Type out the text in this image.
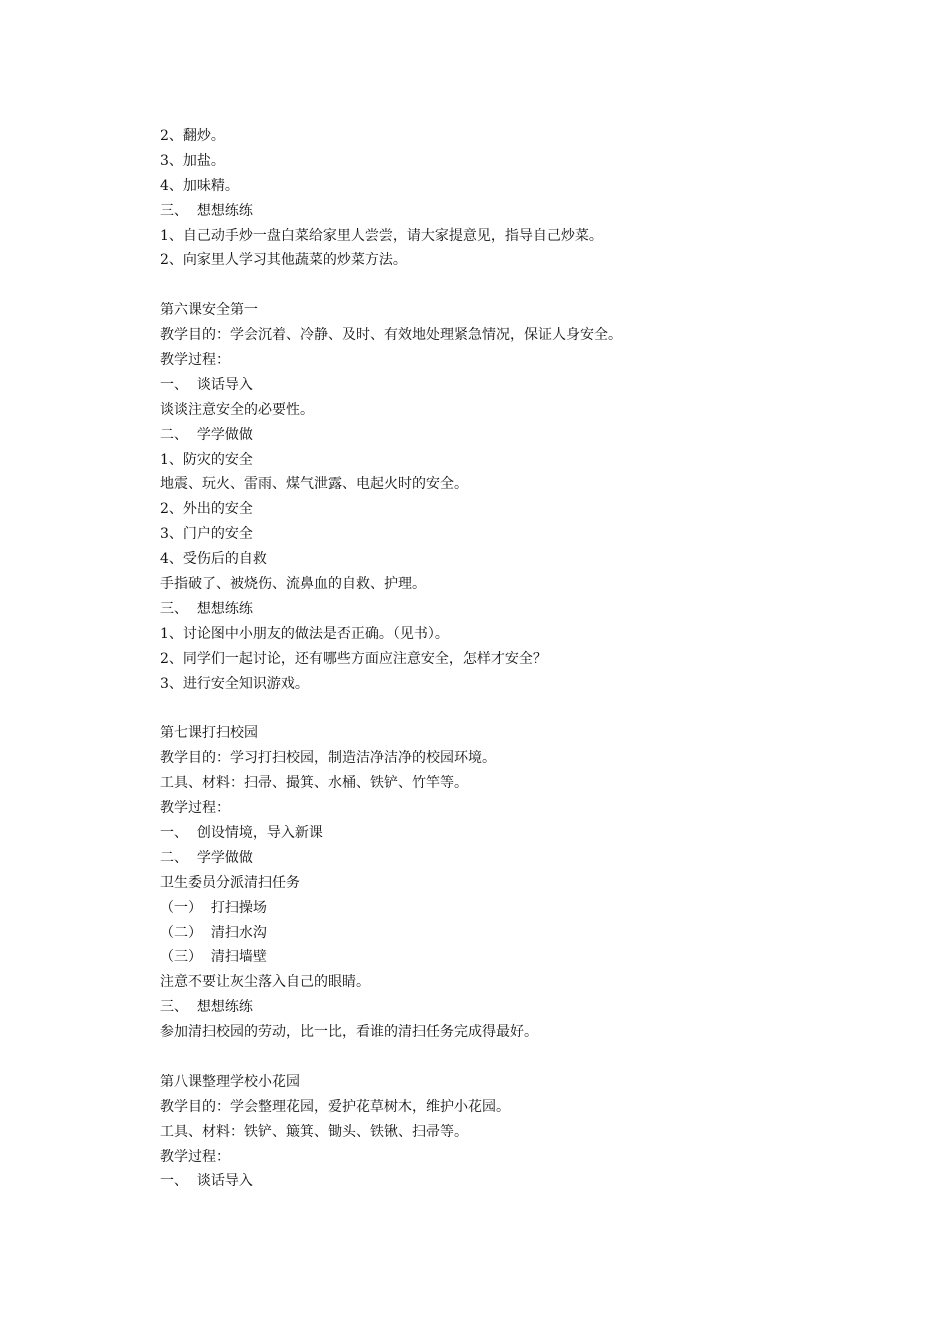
2、翻炒。
3、加盐。
4、加味精。
三、  想想练练
1、自己动手炒一盘白菜给家里人尝尝，请大家提意见，指导自己炒菜。
2、向家里人学习其他蔬菜的炒菜方法。
第六课安全第一
教学目的：学会沉着、冷静、及时、有效地处理紧急情况，保证人身安全。
教学过程：
一、  谈话导入
谈谈注意安全的必要性。
二、  学学做做
1、防灾的安全
地震、玩火、雷雨、煤气泄露、电起火时的安全。
2、外出的安全
3、门户的安全
4、受伤后的自救
手指破了、被烧伤、流鼻血的自救、护理。
三、  想想练练
1、讨论图中小朋友的做法是否正确。（见书）。
2、同学们一起讨论，还有哪些方面应注意安全，怎样才安全？
3、进行安全知识游戏。
第七课打扫校园
教学目的：学习打扫校园，制造洁净洁净的校园环境。
工具、材料：扫帚、撮箕、水桶、铁铲、竹竿等。
教学过程：
一、  创设情境，导入新课
二、  学学做做
卫生委员分派清扫任务
（一）  打扫操场
（二）  清扫水沟
（三）  清扫墙壁
注意不要让灰尘落入自己的眼睛。
三、  想想练练
参加清扫校园的劳动，比一比，看谁的清扫任务完成得最好。
第八课整理学校小花园
教学目的：学会整理花园，爱护花草树木，维护小花园。
工具、材料：铁铲、簸箕、锄头、铁锹、扫帚等。
教学过程：
一、  谈话导入
